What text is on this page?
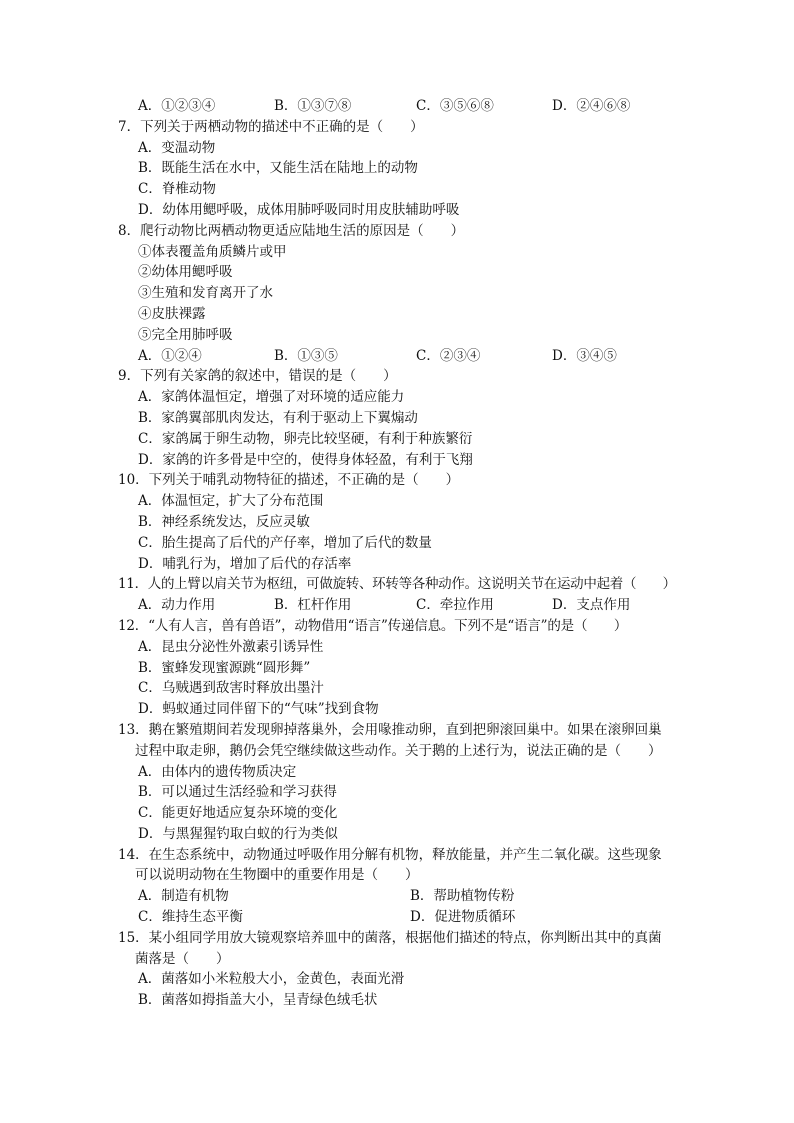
A．①②③④	B．①③⑦⑧	C．③⑤⑥⑧	D．②④⑥⑧
7．下列关于两栖动物的描述中不正确的是（　　）
A．变温动物
B．既能生活在水中，又能生活在陆地上的动物
C．脊椎动物
D．幼体用鳃呼吸，成体用肺呼吸同时用皮肤辅助呼吸
8．爬行动物比两栖动物更适应陆地生活的原因是（　　）
①体表覆盖角质鳞片或甲
②幼体用鳃呼吸
③生殖和发育离开了水
④皮肤裸露
⑤完全用肺呼吸
A．①②④	B．①③⑤	C．②③④	D．③④⑤
9．下列有关家鸽的叙述中，错误的是（　　）
A．家鸽体温恒定，增强了对环境的适应能力
B．家鸽翼部肌肉发达，有利于驱动上下翼煽动
C．家鸽属于卵生动物，卵壳比较坚硬，有利于种族繁衍
D．家鸽的许多骨是中空的，使得身体轻盈，有利于飞翔
10．下列关于哺乳动物特征的描述，不正确的是（　　）
A．体温恒定，扩大了分布范围
B．神经系统发达，反应灵敏
C．胎生提高了后代的产仔率，增加了后代的数量
D．哺乳行为，增加了后代的存活率
11．人的上臂以肩关节为枢纽，可做旋转、环转等各种动作。这说明关节在运动中起着（　　）
A．动力作用	B．杠杆作用	C．牵拉作用	D．支点作用
12．“人有人言，兽有兽语”，动物借用“语言”传递信息。下列不是“语言”的是（　　）
A．昆虫分泌性外激素引诱异性
B．蜜蜂发现蜜源跳“圆形舞”
C．乌贼遇到敌害时释放出墨汁
D．蚂蚁通过同伴留下的“气味”找到食物
13．鹅在繁殖期间若发现卵掉落巢外，会用喙推动卵，直到把卵滚回巢中。如果在滚卵回巢
过程中取走卵，鹅仍会凭空继续做这些动作。关于鹅的上述行为，说法正确的是（　　）
A．由体内的遗传物质决定
B．可以通过生活经验和学习获得
C．能更好地适应复杂环境的变化
D．与黑猩猩钓取白蚁的行为类似
14．在生态系统中，动物通过呼吸作用分解有机物，释放能量，并产生二氧化碳。这些现象
可以说明动物在生物圈中的重要作用是（　　）
A．制造有机物	B．帮助植物传粉
C．维持生态平衡	D．促进物质循环
15．某小组同学用放大镜观察培养皿中的菌落，根据他们描述的特点，你判断出其中的真菌
菌落是（　　）
A．菌落如小米粒般大小，金黄色，表面光滑
B．菌落如拇指盖大小，呈青绿色绒毛状
